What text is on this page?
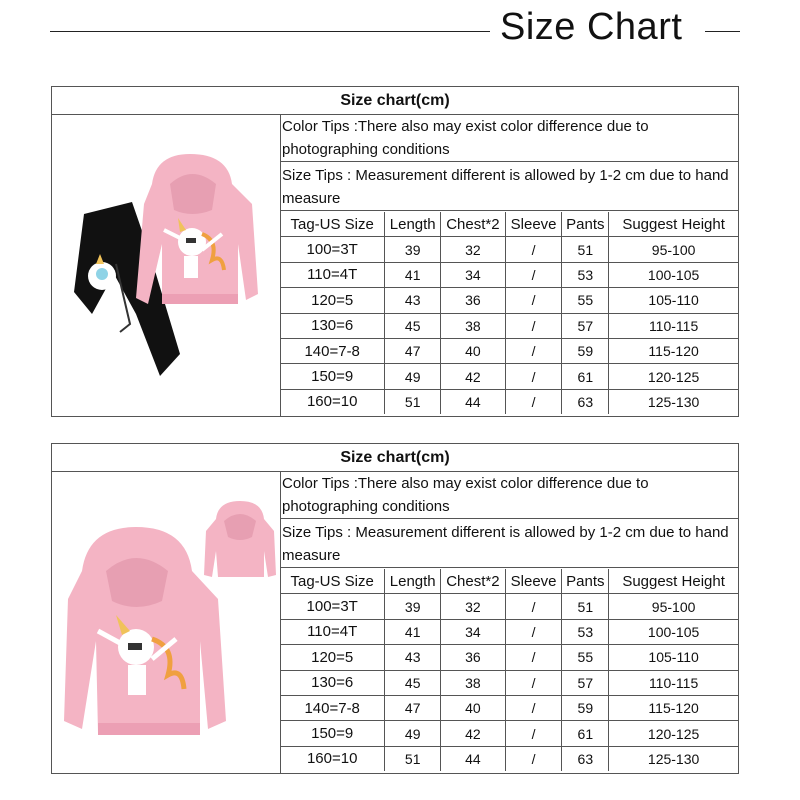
Size Chart
Size chart(cm)
Color Tips :There also may exist color difference due to photographing conditions
Size Tips : Measurement different is allowed by 1-2 cm due to hand measure
Tag-US Size	Length	Chest*2	Sleeve	Pants	Suggest Height
100=3T	39	32	/	51	95-100
110=4T	41	34	/	53	100-105
120=5	43	36	/	55	105-110
130=6	45	38	/	57	110-115
140=7-8	47	40	/	59	115-120
150=9	49	42	/	61	120-125
160=10	51	44	/	63	125-130
Size chart(cm)
Color Tips :There also may exist color difference due to photographing conditions
Size Tips : Measurement different is allowed by 1-2 cm due to hand measure
Tag-US Size	Length	Chest*2	Sleeve	Pants	Suggest Height
100=3T	39	32	/	51	95-100
110=4T	41	34	/	53	100-105
120=5	43	36	/	55	105-110
130=6	45	38	/	57	110-115
140=7-8	47	40	/	59	115-120
150=9	49	42	/	61	120-125
160=10	51	44	/	63	125-130
